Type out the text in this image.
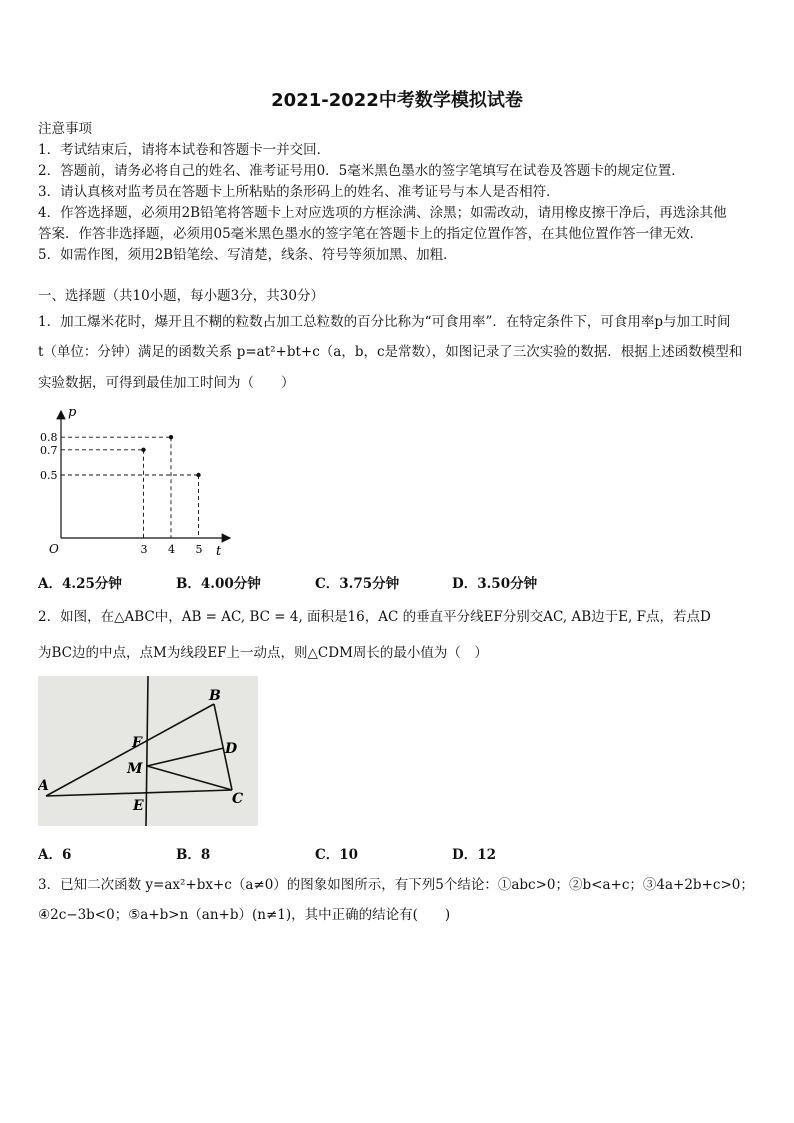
2021-2022中考数学模拟试卷
注意事项
1．考试结束后，请将本试卷和答题卡一并交回．
2．答题前，请务必将自己的姓名、准考证号用0．5毫米黑色墨水的签字笔填写在试卷及答题卡的规定位置．
3．请认真核对监考员在答题卡上所粘贴的条形码上的姓名、准考证号与本人是否相符．
4．作答选择题，必须用2B铅笔将答题卡上对应选项的方框涂满、涂黑；如需改动，请用橡皮擦干净后，再选涂其他
答案．作答非选择题，必须用05毫米黑色墨水的签字笔在答题卡上的指定位置作答，在其他位置作答一律无效．
5．如需作图，须用2B铅笔绘、写清楚，线条、符号等须加黑、加粗．
一、选择题（共10小题，每小题3分，共30分）
1．加工爆米花时，爆开且不糊的粒数占加工总粒数的百分比称为“可食用率”．在特定条件下，可食用率p与加工时间
t（单位：分钟）满足的函数关系 p=at²+bt+c（a，b，c是常数），如图记录了三次实验的数据．根据上述函数模型和
实验数据，可得到最佳加工时间为（　　）
p
t
O
0.8
0.7
0.5
3 4 5
A．4.25分钟	B．4.00分钟	C．3.75分钟	D．3.50分钟
2．如图，在△ABC中，AB = AC, BC = 4, 面积是16，AC 的垂直平分线EF分别交AC, AB边于E, F点，若点D
为BC边的中点，点M为线段EF上一动点，则△CDM周长的最小值为（　）
A
B
C
D
E
F
M
A．6	B．8	C．10	D．12
3．已知二次函数 y=ax²+bx+c（a≠0）的图象如图所示，有下列5个结论：①abc>0；②b<a+c；③4a+2b+c>0；
④2c−3b<0；⑤a+b>n（an+b）(n≠1)，其中正确的结论有(　　)
